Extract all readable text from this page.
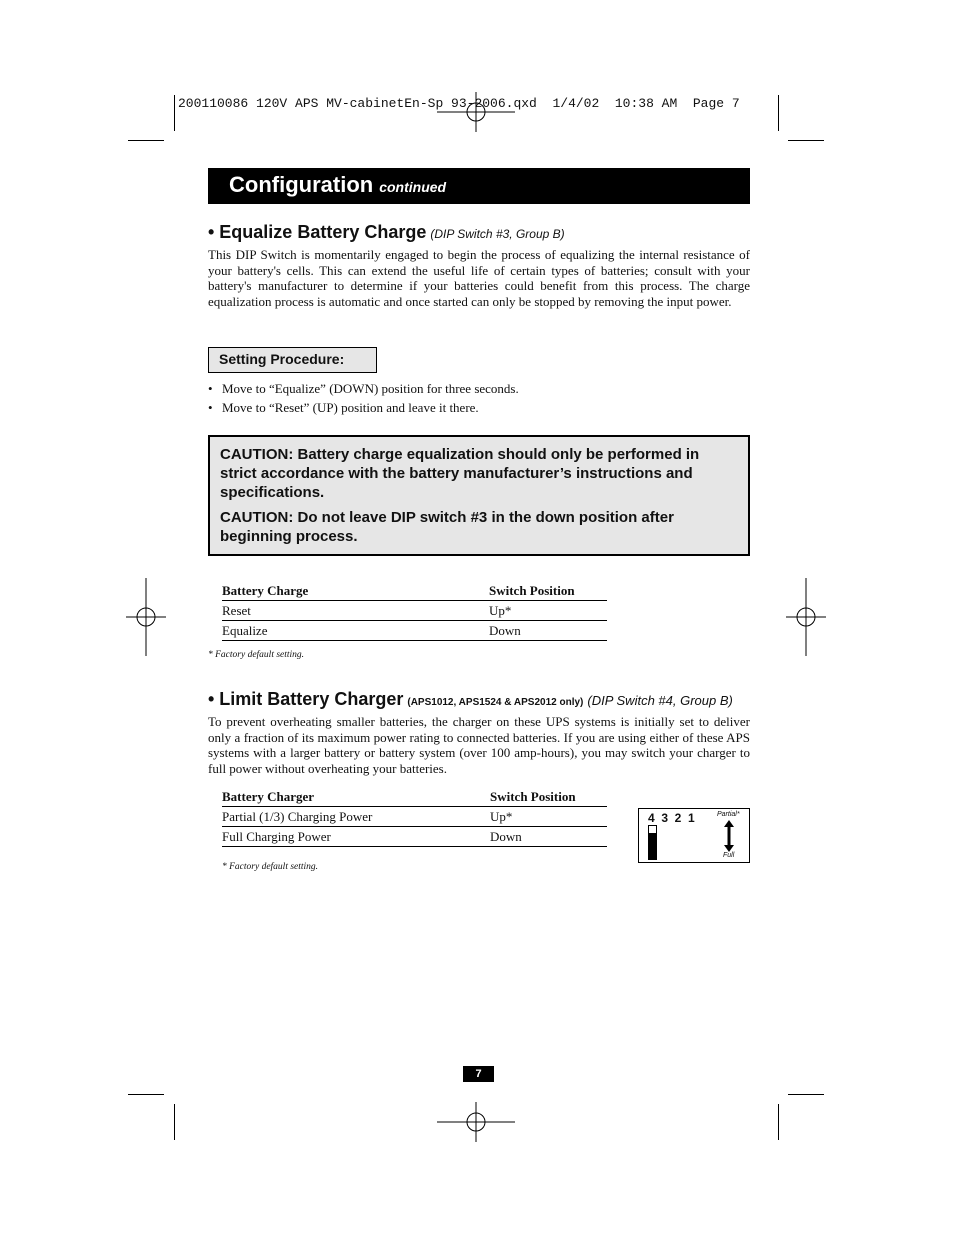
200110086 120V APS MV-cabinetEn-Sp 93-2006.qxd  1/4/02  10:38 AM  Page 7
Configuration continued
• Equalize Battery Charge (DIP Switch #3, Group B)
This DIP Switch is momentarily engaged to begin the process of equalizing the internal resistance of your battery's cells. This can extend the useful life of certain types of batteries; consult with your battery's manufacturer to determine if your batteries could benefit from this process. The charge equalization process is automatic and once started can only be stopped by removing the input power.
Setting Procedure:
• Move to “Equalize” (DOWN) position for three seconds.
• Move to “Reset” (UP) position and leave it there.

CAUTION: Battery charge equalization should only be performed in strict accordance with the battery manufacturer’s instructions and specifications.

CAUTION: Do not leave DIP switch #3 in the down position after beginning process.

Battery Charge	Switch Position
Reset	Up*
Equalize	Down
* Factory default setting.
• Limit Battery Charger (APS1012, APS1524 & APS2012 only) (DIP Switch #4, Group B)
To prevent overheating smaller batteries, the charger on these UPS systems is initially set to deliver only a fraction of its maximum power rating to connected batteries. If you are using either of these APS systems with a larger battery or battery system (over 100 amp-hours), you may switch your charger to full power without overheating your batteries.
Battery Charger	Switch Position
Partial (1/3) Charging Power	Up*
Full Charging Power	Down
* Factory default setting.
4  3  2  1	Partial*
Full
7
